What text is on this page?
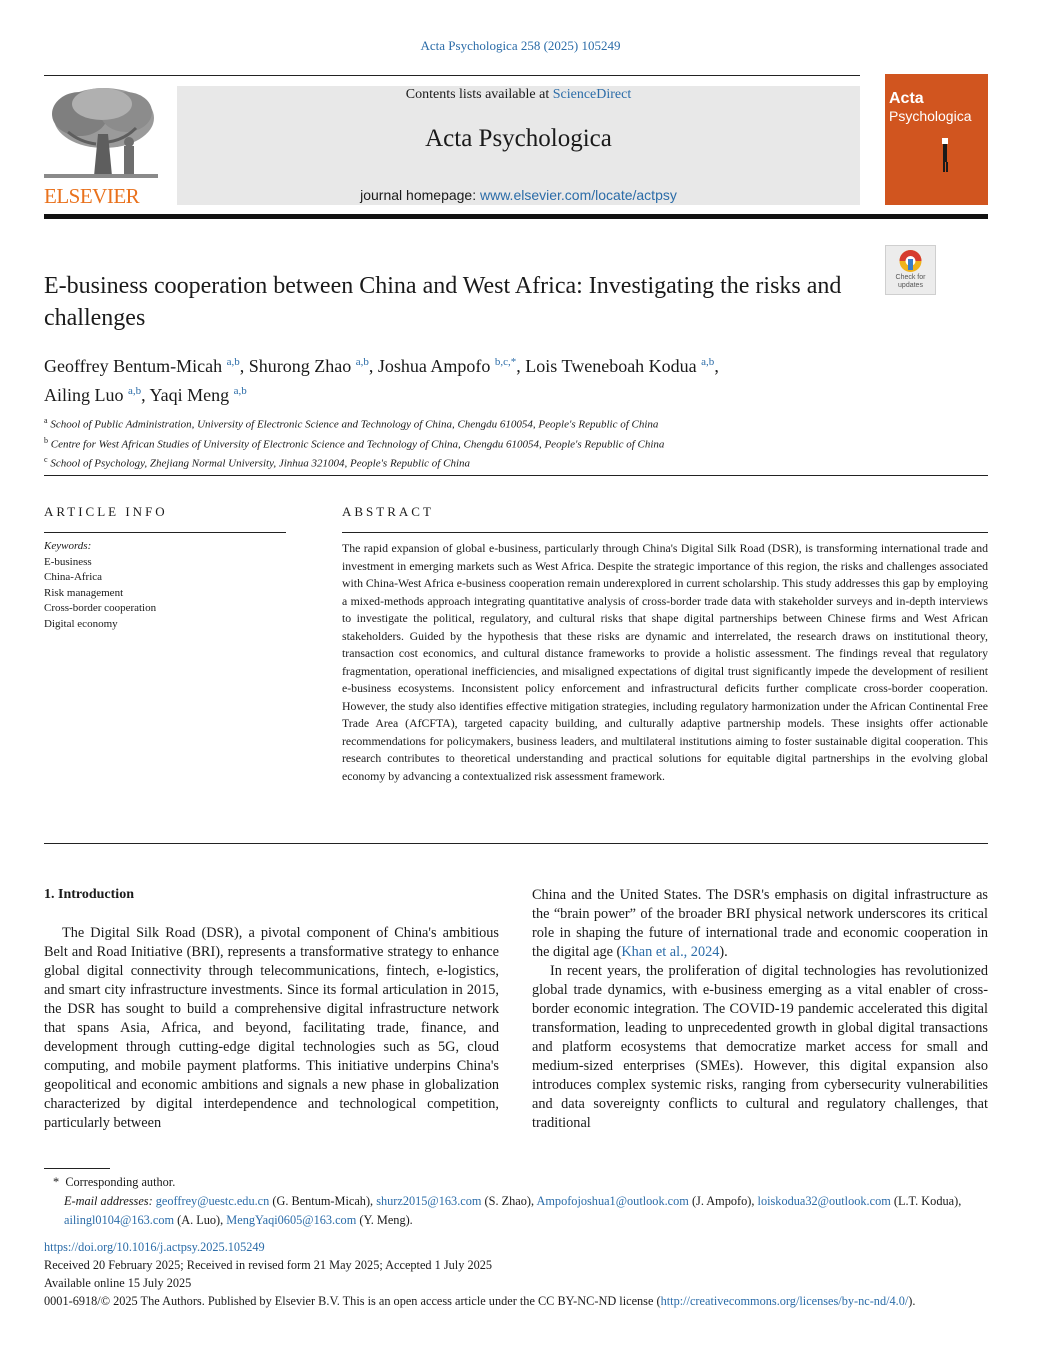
Acta Psychologica 258 (2025) 105249
ELSEVIER
Contents lists available at ScienceDirect
Acta Psychologica
journal homepage: www.elsevier.com/locate/actpsy
Acta
Psychologica
Check for updates
E-business cooperation between China and West Africa: Investigating the risks and challenges
Geoffrey Bentum-Micah $^{a,b}$, Shurong Zhao $^{a,b}$, Joshua Ampofo $^{b,c,*}$, Lois Tweneboah Kodua $^{a,b}$,
Ailing Luo $^{a,b}$, Yaqi Meng $^{a,b}$
$^a$ School of Public Administration, University of Electronic Science and Technology of China, Chengdu 610054, People's Republic of China
$^b$ Centre for West African Studies of University of Electronic Science and Technology of China, Chengdu 610054, People's Republic of China
$^c$ School of Psychology, Zhejiang Normal University, Jinhua 321004, People's Republic of China
ARTICLE INFO
Keywords:
E-business
China-Africa
Risk management
Cross-border cooperation
Digital economy
ABSTRACT
The rapid expansion of global e-business, particularly through China's Digital Silk Road (DSR), is transforming international trade and investment in emerging markets such as West Africa. Despite the strategic importance of this region, the risks and challenges associated with China-West Africa e-business cooperation remain underexplored in current scholarship. This study addresses this gap by employing a mixed-methods approach integrating quantitative analysis of cross-border trade data with stakeholder surveys and in-depth interviews to investigate the political, regulatory, and cultural risks that shape digital partnerships between Chinese firms and West African stakeholders. Guided by the hypothesis that these risks are dynamic and interrelated, the research draws on institutional theory, transaction cost economics, and cultural distance frameworks to provide a holistic assessment. The findings reveal that regulatory fragmentation, operational inefficiencies, and misaligned expectations of digital trust significantly impede the development of resilient e-business ecosystems. Inconsistent policy enforcement and infrastructural deficits further complicate cross-border cooperation. However, the study also identifies effective mitigation strategies, including regulatory harmonization under the African Continental Free Trade Area (AfCFTA), targeted capacity building, and culturally adaptive partnership models. These insights offer actionable recommendations for policymakers, business leaders, and multilateral institutions aiming to foster sustainable digital cooperation. This research contributes to theoretical understanding and practical solutions for equitable digital partnerships in the evolving global economy by advancing a contextualized risk assessment framework.
1. Introduction

The Digital Silk Road (DSR), a pivotal component of China's ambitious Belt and Road Initiative (BRI), represents a transformative strategy to enhance global digital connectivity through telecommunications, fintech, e-logistics, and smart city infrastructure investments. Since its formal articulation in 2015, the DSR has sought to build a comprehensive digital infrastructure network that spans Asia, Africa, and beyond, facilitating trade, finance, and development through cutting-edge digital technologies such as 5G, cloud computing, and mobile payment platforms. This initiative underpins China's geopolitical and economic ambitions and signals a new phase in globalization characterized by digital interdependence and technological competition, particularly between

China and the United States. The DSR's emphasis on digital infrastructure as the “brain power” of the broader BRI physical network underscores its critical role in shaping the future of international trade and economic cooperation in the digital age (Khan et al., 2024).

In recent years, the proliferation of digital technologies has revolutionized global trade dynamics, with e-business emerging as a vital enabler of cross-border economic integration. The COVID-19 pandemic accelerated this digital transformation, leading to unprecedented growth in global digital transactions and platform ecosystems that democratize market access for small and medium-sized enterprises (SMEs). However, this digital expansion also introduces complex systemic risks, ranging from cybersecurity vulnerabilities and data sovereignty conflicts to cultural and regulatory challenges, that traditional

* Corresponding author.
E-mail addresses: geoffrey@uestc.edu.cn (G. Bentum-Micah), shurz2015@163.com (S. Zhao), Ampofojoshua1@outlook.com (J. Ampofo), loiskodua32@outlook.com (L.T. Kodua), ailingl0104@163.com (A. Luo), MengYaqi0605@163.com (Y. Meng).
https://doi.org/10.1016/j.actpsy.2025.105249
Received 20 February 2025; Received in revised form 21 May 2025; Accepted 1 July 2025
Available online 15 July 2025
0001-6918/© 2025 The Authors. Published by Elsevier B.V. This is an open access article under the CC BY-NC-ND license (http://creativecommons.org/licenses/by-nc-nd/4.0/).
